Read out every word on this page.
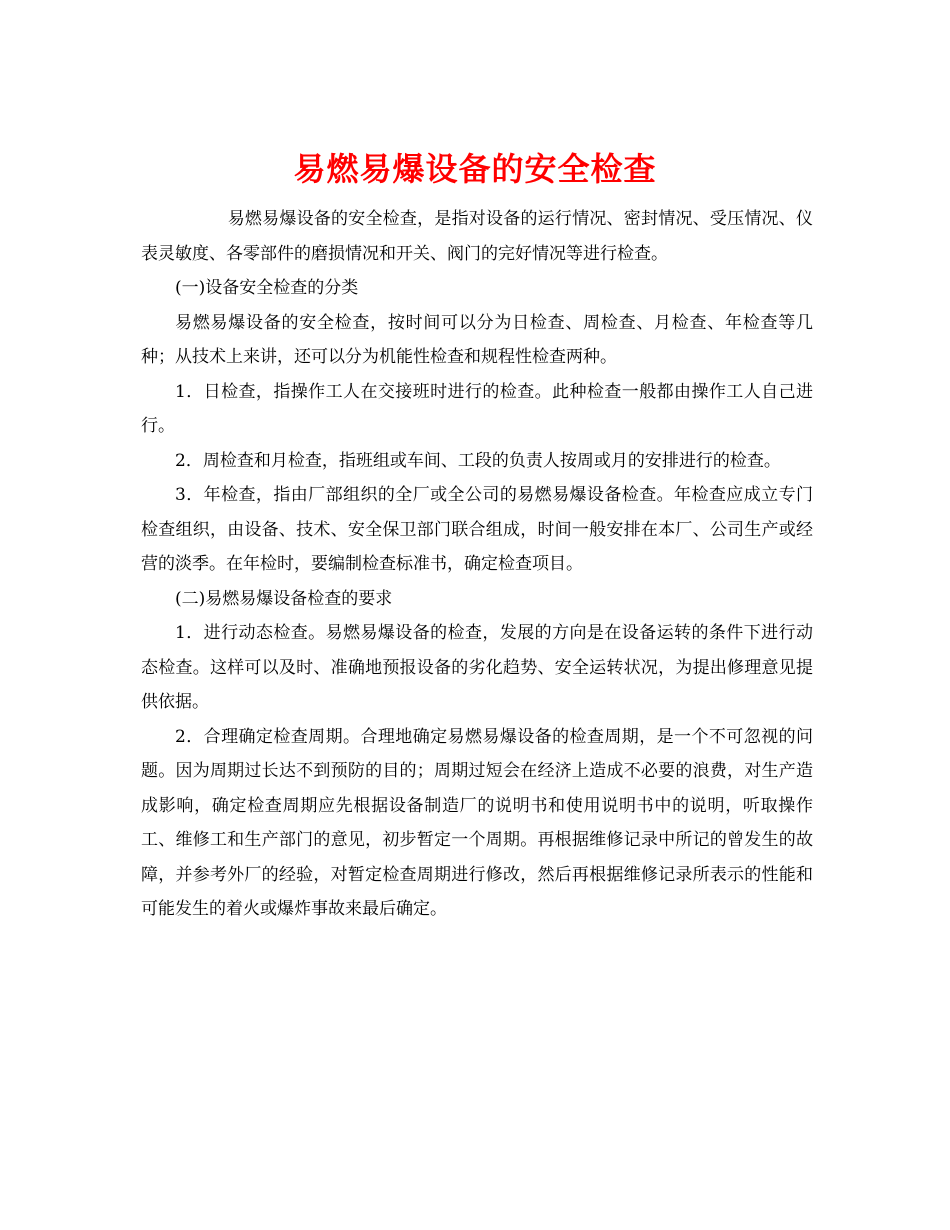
易燃易爆设备的安全检查

易燃易爆设备的安全检查，是指对设备的运行情况、密封情况、受压情况、仪表灵敏度、各零部件的磨损情况和开关、阀门的完好情况等进行检查。

(一)设备安全检查的分类

易燃易爆设备的安全检查，按时间可以分为日检查、周检查、月检查、年检查等几种；从技术上来讲，还可以分为机能性检查和规程性检查两种。

1．日检查，指操作工人在交接班时进行的检查。此种检查一般都由操作工人自己进行。

2．周检查和月检查，指班组或车间、工段的负责人按周或月的安排进行的检查。

3．年检查，指由厂部组织的全厂或全公司的易燃易爆设备检查。年检查应成立专门检查组织，由设备、技术、安全保卫部门联合组成，时间一般安排在本厂、公司生产或经营的淡季。在年检时，要编制检查标准书，确定检查项目。

(二)易燃易爆设备检查的要求

1．进行动态检查。易燃易爆设备的检查，发展的方向是在设备运转的条件下进行动态检查。这样可以及时、准确地预报设备的劣化趋势、安全运转状况，为提出修理意见提供依据。

2．合理确定检查周期。合理地确定易燃易爆设备的检查周期，是一个不可忽视的问题。因为周期过长达不到预防的目的；周期过短会在经济上造成不必要的浪费，对生产造成影响，确定检查周期应先根据设备制造厂的说明书和使用说明书中的说明，听取操作工、维修工和生产部门的意见，初步暂定一个周期。再根据维修记录中所记的曾发生的故障，并参考外厂的经验，对暂定检查周期进行修改，然后再根据维修记录所表示的性能和可能发生的着火或爆炸事故来最后确定。
